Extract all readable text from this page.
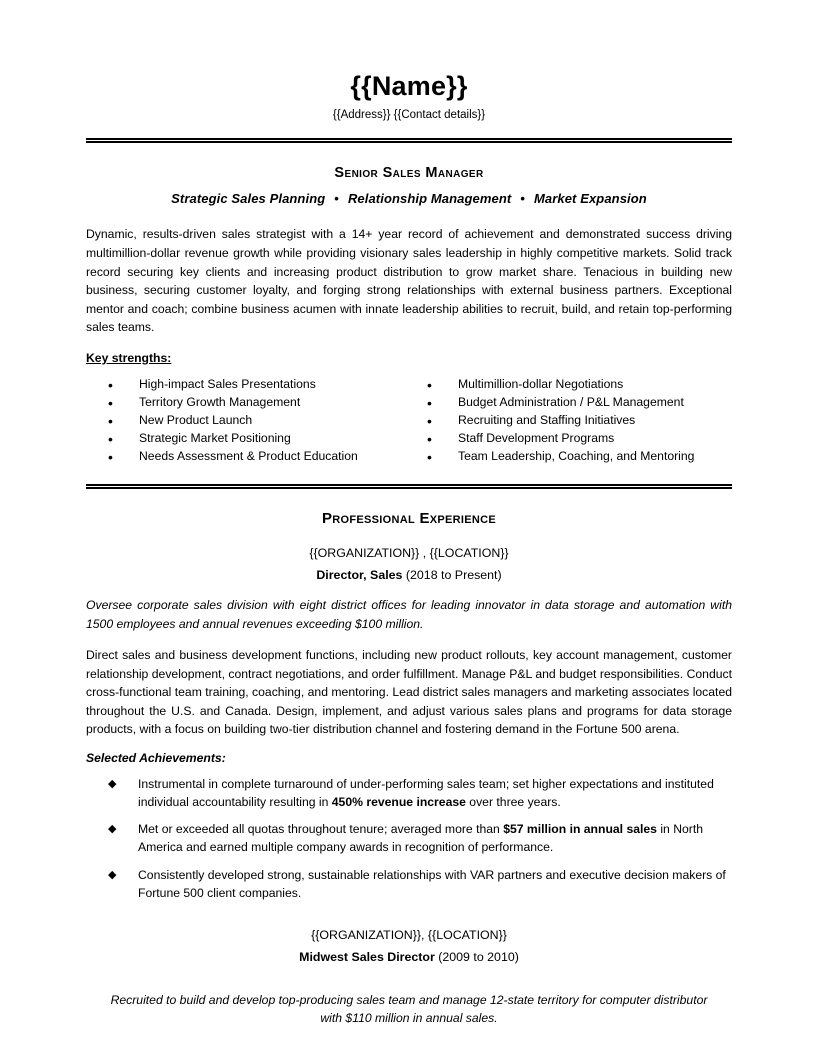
{{Name}}
{{Address}} {{Contact details}}
Senior Sales Manager
Strategic Sales Planning • Relationship Management • Market Expansion
Dynamic, results-driven sales strategist with a 14+ year record of achievement and demonstrated success driving multimillion-dollar revenue growth while providing visionary sales leadership in highly competitive markets. Solid track record securing key clients and increasing product distribution to grow market share. Tenacious in building new business, securing customer loyalty, and forging strong relationships with external business partners. Exceptional mentor and coach; combine business acumen with innate leadership abilities to recruit, build, and retain top-performing sales teams.
Key strengths:
• High-impact Sales Presentations
• Territory Growth Management
• New Product Launch
• Strategic Market Positioning
• Needs Assessment & Product Education
• Multimillion-dollar Negotiations
• Budget Administration / P&L Management
• Recruiting and Staffing Initiatives
• Staff Development Programs
• Team Leadership, Coaching, and Mentoring
Professional Experience
{{ORGANIZATION}} , {{LOCATION}}
Director, Sales (2018 to Present)
Oversee corporate sales division with eight district offices for leading innovator in data storage and automation with 1500 employees and annual revenues exceeding $100 million.
Direct sales and business development functions, including new product rollouts, key account management, customer relationship development, contract negotiations, and order fulfillment. Manage P&L and budget responsibilities. Conduct cross-functional team training, coaching, and mentoring. Lead district sales managers and marketing associates located throughout the U.S. and Canada. Design, implement, and adjust various sales plans and programs for data storage products, with a focus on building two-tier distribution channel and fostering demand in the Fortune 500 arena.
Selected Achievements:
◆ Instrumental in complete turnaround of under-performing sales team; set higher expectations and instituted individual accountability resulting in 450% revenue increase over three years.
◆ Met or exceeded all quotas throughout tenure; averaged more than $57 million in annual sales in North America and earned multiple company awards in recognition of performance.
◆ Consistently developed strong, sustainable relationships with VAR partners and executive decision makers of Fortune 500 client companies.
{{ORGANIZATION}}, {{LOCATION}}
Midwest Sales Director (2009 to 2010)
Recruited to build and develop top-producing sales team and manage 12-state territory for computer distributor with $110 million in annual sales.
